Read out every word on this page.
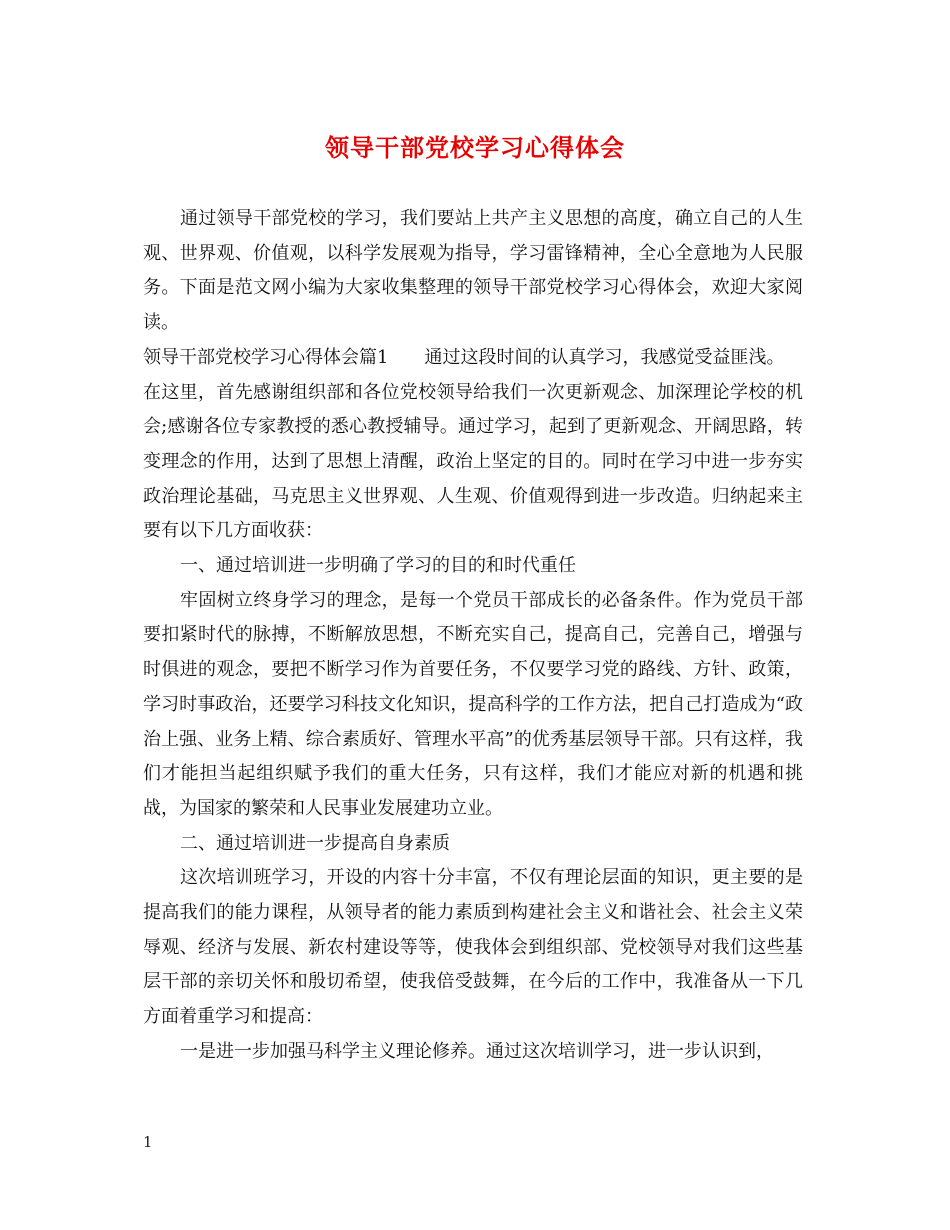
领导干部党校学习心得体会

通过领导干部党校的学习，我们要站上共产主义思想的高度，确立自己的人生观、世界观、价值观，以科学发展观为指导，学习雷锋精神，全心全意地为人民服务。下面是范文网小编为大家收集整理的领导干部党校学习心得体会，欢迎大家阅读。

领导干部党校学习心得体会篇1 通过这段时间的认真学习，我感觉受益匪浅。

在这里，首先感谢组织部和各位党校领导给我们一次更新观念、加深理论学校的机会;感谢各位专家教授的悉心教授辅导。通过学习，起到了更新观念、开阔思路，转变理念的作用，达到了思想上清醒，政治上坚定的目的。同时在学习中进一步夯实政治理论基础，马克思主义世界观、人生观、价值观得到进一步改造。归纳起来主要有以下几方面收获：

一、通过培训进一步明确了学习的目的和时代重任

牢固树立终身学习的理念，是每一个党员干部成长的必备条件。作为党员干部要扣紧时代的脉搏，不断解放思想，不断充实自己，提高自己，完善自己，增强与时俱进的观念，要把不断学习作为首要任务，不仅要学习党的路线、方针、政策，学习时事政治，还要学习科技文化知识，提高科学的工作方法，把自己打造成为“政治上强、业务上精、综合素质好、管理水平高”的优秀基层领导干部。只有这样，我们才能担当起组织赋予我们的重大任务，只有这样，我们才能应对新的机遇和挑战，为国家的繁荣和人民事业发展建功立业。

二、通过培训进一步提高自身素质

这次培训班学习，开设的内容十分丰富，不仅有理论层面的知识，更主要的是提高我们的能力课程，从领导者的能力素质到构建社会主义和谐社会、社会主义荣辱观、经济与发展、新农村建设等等，使我体会到组织部、党校领导对我们这些基层干部的亲切关怀和殷切希望，使我倍受鼓舞，在今后的工作中，我准备从一下几方面着重学习和提高：

一是进一步加强马科学主义理论修养。通过这次培训学习，进一步认识到，

1
